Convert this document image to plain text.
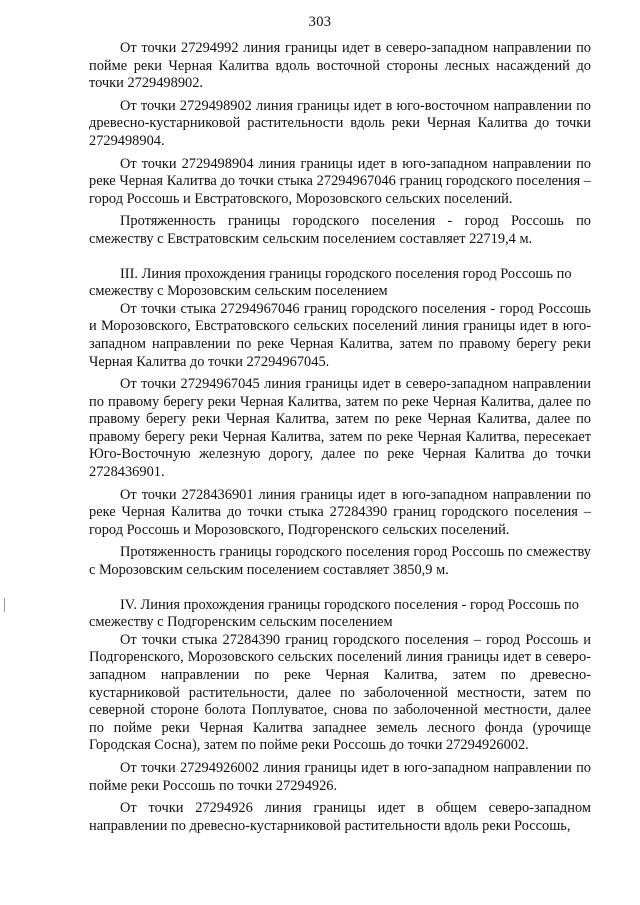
303

От точки 27294992 линия границы идет в северо-западном направлении по пойме реки Черная Калитва вдоль восточной стороны лесных насаждений до точки 2729498902.

От точки 2729498902 линия границы идет в юго-восточном направлении по древесно-кустарниковой растительности вдоль реки Черная Калитва до точки 2729498904.

От точки 2729498904 линия границы идет в юго-западном направлении по реке Черная Калитва до точки стыка 27294967046 границ городского поселения – город Россошь и Евстратовского, Морозовского сельских поселений.

Протяженность границы городского поселения - город Россошь по смежеству с Евстратовским сельским поселением составляет 22719,4 м.

III. Линия прохождения границы городского поселения город Россошь по смежеству с Морозовским сельским поселением

От точки стыка 27294967046 границ городского поселения - город Россошь и Морозовского, Евстратовского сельских поселений линия границы идет в юго-западном направлении по реке Черная Калитва, затем по правому берегу реки Черная Калитва до точки 27294967045.

От точки 27294967045 линия границы идет в северо-западном направлении по правому берегу реки Черная Калитва, затем по реке Черная Калитва, далее по правому берегу реки Черная Калитва, затем по реке Черная Калитва, далее по правому берегу реки Черная Калитва, затем по реке Черная Калитва, пересекает Юго-Восточную железную дорогу, далее по реке Черная Калитва до точки 2728436901.

От точки 2728436901 линия границы идет в юго-западном направлении по реке Черная Калитва до точки стыка 27284390 границ городского поселения – город Россошь и Морозовского, Подгоренского сельских поселений.

Протяженность границы городского поселения город Россошь по смежеству с Морозовским сельским поселением составляет 3850,9 м.

IV. Линия прохождения границы городского поселения - город Россошь по смежеству с Подгоренским сельским поселением

От точки стыка 27284390 границ городского поселения – город Россошь и Подгоренского, Морозовского сельских поселений линия границы идет в северо-западном направлении по реке Черная Калитва, затем по древесно-кустарниковой растительности, далее по заболоченной местности, затем по северной стороне болота Поплуватое, снова по заболоченной местности, далее по пойме реки Черная Калитва западнее земель лесного фонда (урочище Городская Сосна), затем по пойме реки Россошь до точки 27294926002.

От точки 27294926002 линия границы идет в юго-западном направлении по пойме реки Россошь по точки 27294926.

От точки 27294926 линия границы идет в общем северо-западном направлении по древесно-кустарниковой растительности вдоль реки Россошь,
